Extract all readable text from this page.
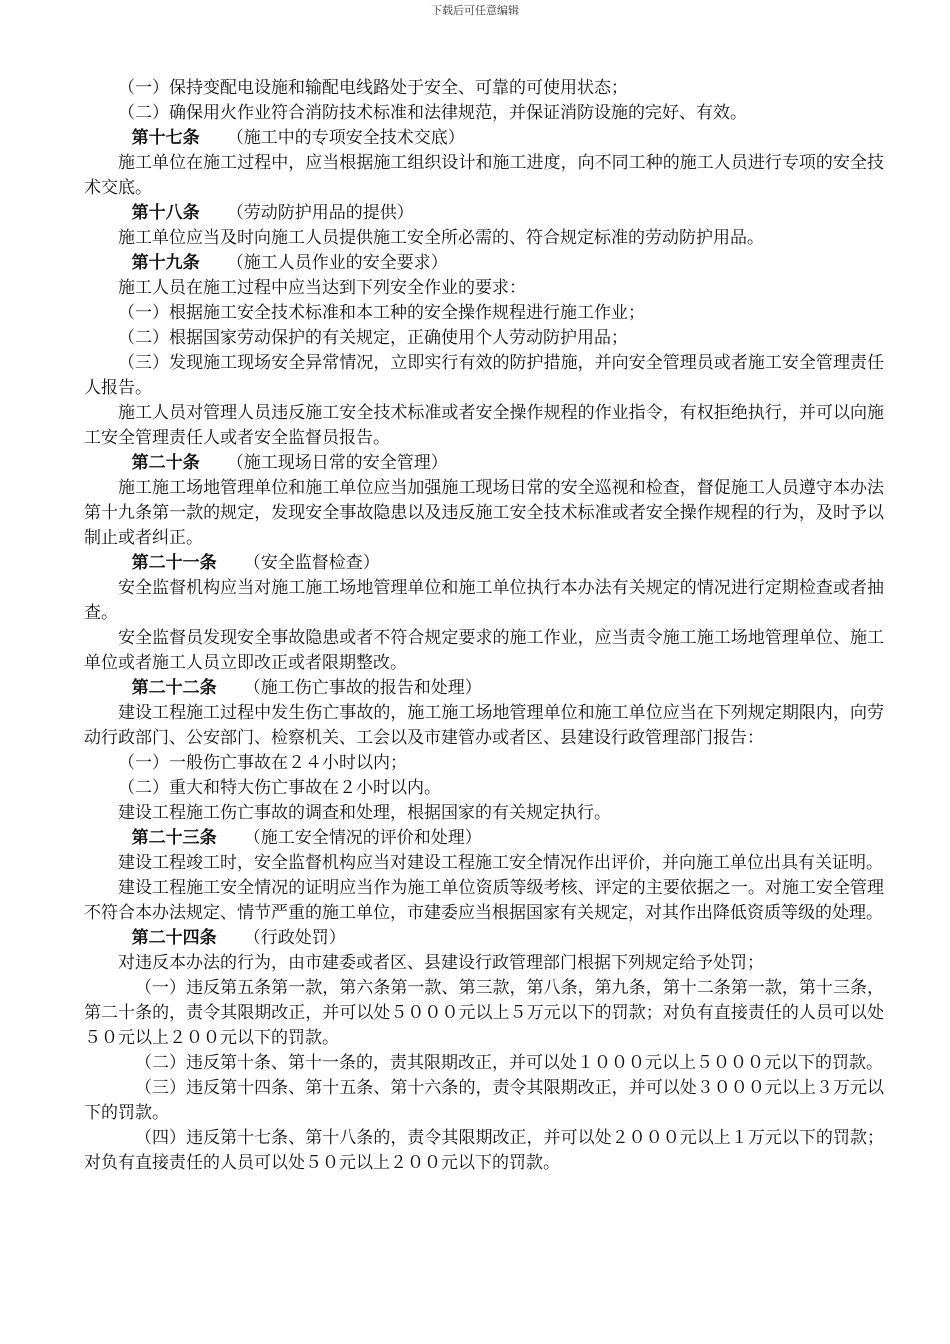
下载后可任意编辑

（一）保持变配电设施和输配电线路处于安全、可靠的可使用状态；

（二）确保用火作业符合消防技术标准和法律规范，并保证消防设施的完好、有效。

第十七条 （施工中的专项安全技术交底）

施工单位在施工过程中，应当根据施工组织设计和施工进度，向不同工种的施工人员进行专项的安全技术交底。

第十八条 （劳动防护用品的提供）

施工单位应当及时向施工人员提供施工安全所必需的、符合规定标准的劳动防护用品。

第十九条 （施工人员作业的安全要求）

施工人员在施工过程中应当达到下列安全作业的要求：

（一）根据施工安全技术标准和本工种的安全操作规程进行施工作业；

（二）根据国家劳动保护的有关规定，正确使用个人劳动防护用品；

（三）发现施工现场安全异常情况，立即实行有效的防护措施，并向安全管理员或者施工安全管理责任人报告。

施工人员对管理人员违反施工安全技术标准或者安全操作规程的作业指令，有权拒绝执行，并可以向施工安全管理责任人或者安全监督员报告。

第二十条 （施工现场日常的安全管理）

施工施工场地管理单位和施工单位应当加强施工现场日常的安全巡视和检查，督促施工人员遵守本办法第十九条第一款的规定，发现安全事故隐患以及违反施工安全技术标准或者安全操作规程的行为，及时予以制止或者纠正。

第二十一条 （安全监督检查）

安全监督机构应当对施工施工场地管理单位和施工单位执行本办法有关规定的情况进行定期检查或者抽查。

安全监督员发现安全事故隐患或者不符合规定要求的施工作业，应当责令施工施工场地管理单位、施工单位或者施工人员立即改正或者限期整改。

第二十二条 （施工伤亡事故的报告和处理）

建设工程施工过程中发生伤亡事故的，施工施工场地管理单位和施工单位应当在下列规定期限内，向劳动行政部门、公安部门、检察机关、工会以及市建管办或者区、县建设行政管理部门报告：

（一）一般伤亡事故在２４小时以内；

（二）重大和特大伤亡事故在２小时以内。

建设工程施工伤亡事故的调查和处理，根据国家的有关规定执行。

第二十三条 （施工安全情况的评价和处理）

建设工程竣工时，安全监督机构应当对建设工程施工安全情况作出评价，并向施工单位出具有关证明。

建设工程施工安全情况的证明应当作为施工单位资质等级考核、评定的主要依据之一。对施工安全管理不符合本办法规定、情节严重的施工单位，市建委应当根据国家有关规定，对其作出降低资质等级的处理。

第二十四条 （行政处罚）

对违反本办法的行为，由市建委或者区、县建设行政管理部门根据下列规定给予处罚；

（一）违反第五条第一款，第六条第一款、第三款，第八条，第九条，第十二条第一款，第十三条，第二十条的，责令其限期改正，并可以处５０００元以上５万元以下的罚款；对负有直接责任的人员可以处５０元以上２００元以下的罚款。

（二）违反第十条、第十一条的，责其限期改正，并可以处１０００元以上５０００元以下的罚款。

（三）违反第十四条、第十五条、第十六条的，责令其限期改正，并可以处３０００元以上３万元以下的罚款。

（四）违反第十七条、第十八条的，责令其限期改正，并可以处２０００元以上１万元以下的罚款；对负有直接责任的人员可以处５０元以上２００元以下的罚款。
